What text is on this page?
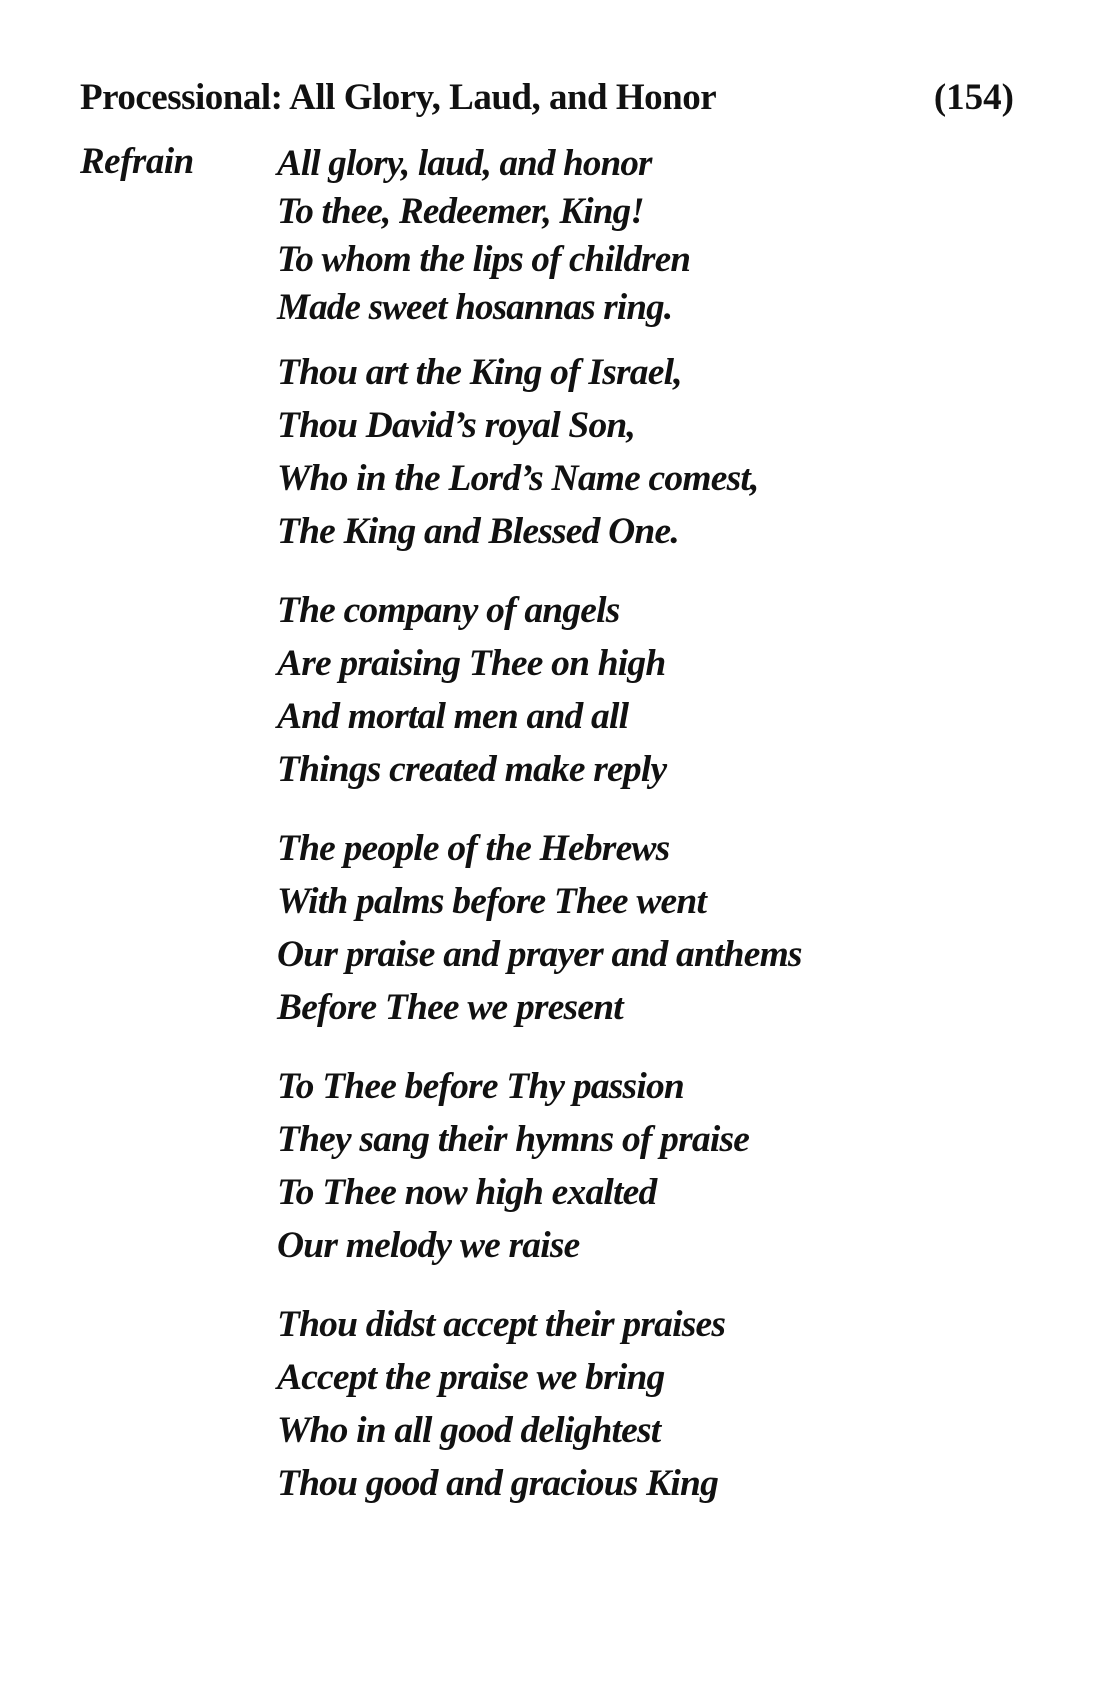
Processional: All Glory, Laud, and Honor	(154)
Refrain All glory, laud, and honor
To thee, Redeemer, King!
To whom the lips of children
Made sweet hosannas ring.
Thou art the King of Israel,
Thou David’s royal Son,
Who in the Lord’s Name comest,
The King and Blessed One.
The company of angels
Are praising Thee on high
And mortal men and all
Things created make reply
The people of the Hebrews
With palms before Thee went
Our praise and prayer and anthems
Before Thee we present
To Thee before Thy passion
They sang their hymns of praise
To Thee now high exalted
Our melody we raise
Thou didst accept their praises
Accept the praise we bring
Who in all good delightest
Thou good and gracious King
